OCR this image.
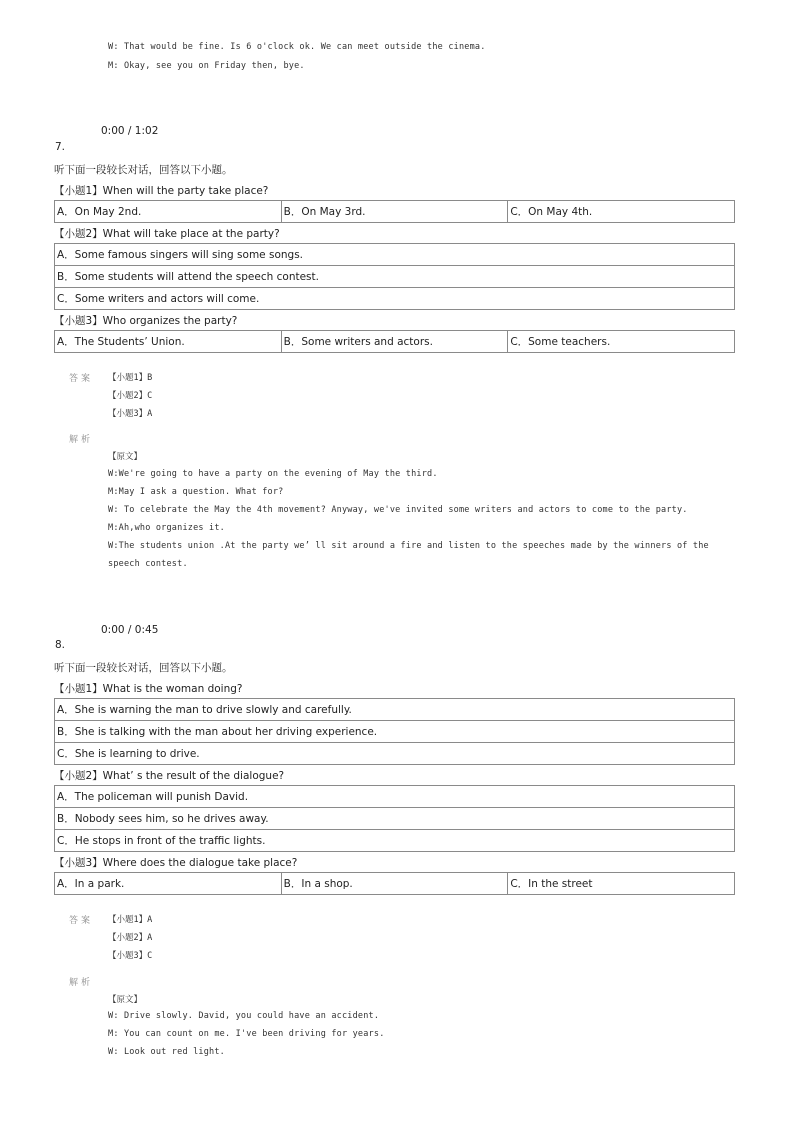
W: That would be fine. Is 6 o'clock ok. We can meet outside the cinema.
M: Okay, see you on Friday then, bye.
0:00 / 1:02
7.
听下面一段较长对话，回答以下小题。
【小题1】When will the party take place?
A．On May 2nd.	B．On May 3rd.	C．On May 4th.
【小题2】What will take place at the party?
A．Some famous singers will sing some songs.
B．Some students will attend the speech contest.
C．Some writers and actors will come.
【小题3】Who organizes the party?
A．The Students’ Union.	B．Some writers and actors.	C．Some teachers.
答案 【小题1】B
【小题2】C
【小题3】A
解析
【原文】
W:We're going to have a party on the evening of May the third.
M:May I ask a question. What for?
W: To celebrate the May the 4th movement? Anyway, we've invited some writers and actors to come to the party.
M:Ah,who organizes it.
W:The students union .At the party we’ ll sit around a fire and listen to the speeches made by the winners of the
speech contest.
0:00 / 0:45
8.
听下面一段较长对话，回答以下小题。
【小题1】What is the woman doing?
A．She is warning the man to drive slowly and carefully.
B．She is talking with the man about her driving experience.
C．She is learning to drive.
【小题2】What’ s the result of the dialogue?
A．The policeman will punish David.
B．Nobody sees him, so he drives away.
C．He stops in front of the traffic lights.
【小题3】Where does the dialogue take place?
A．In a park.	B．In a shop.	C．In the street
答案 【小题1】A
【小题2】A
【小题3】C
解析
【原文】
W: Drive slowly. David, you could have an accident.
M: You can count on me. I've been driving for years.
W: Look out red light.
